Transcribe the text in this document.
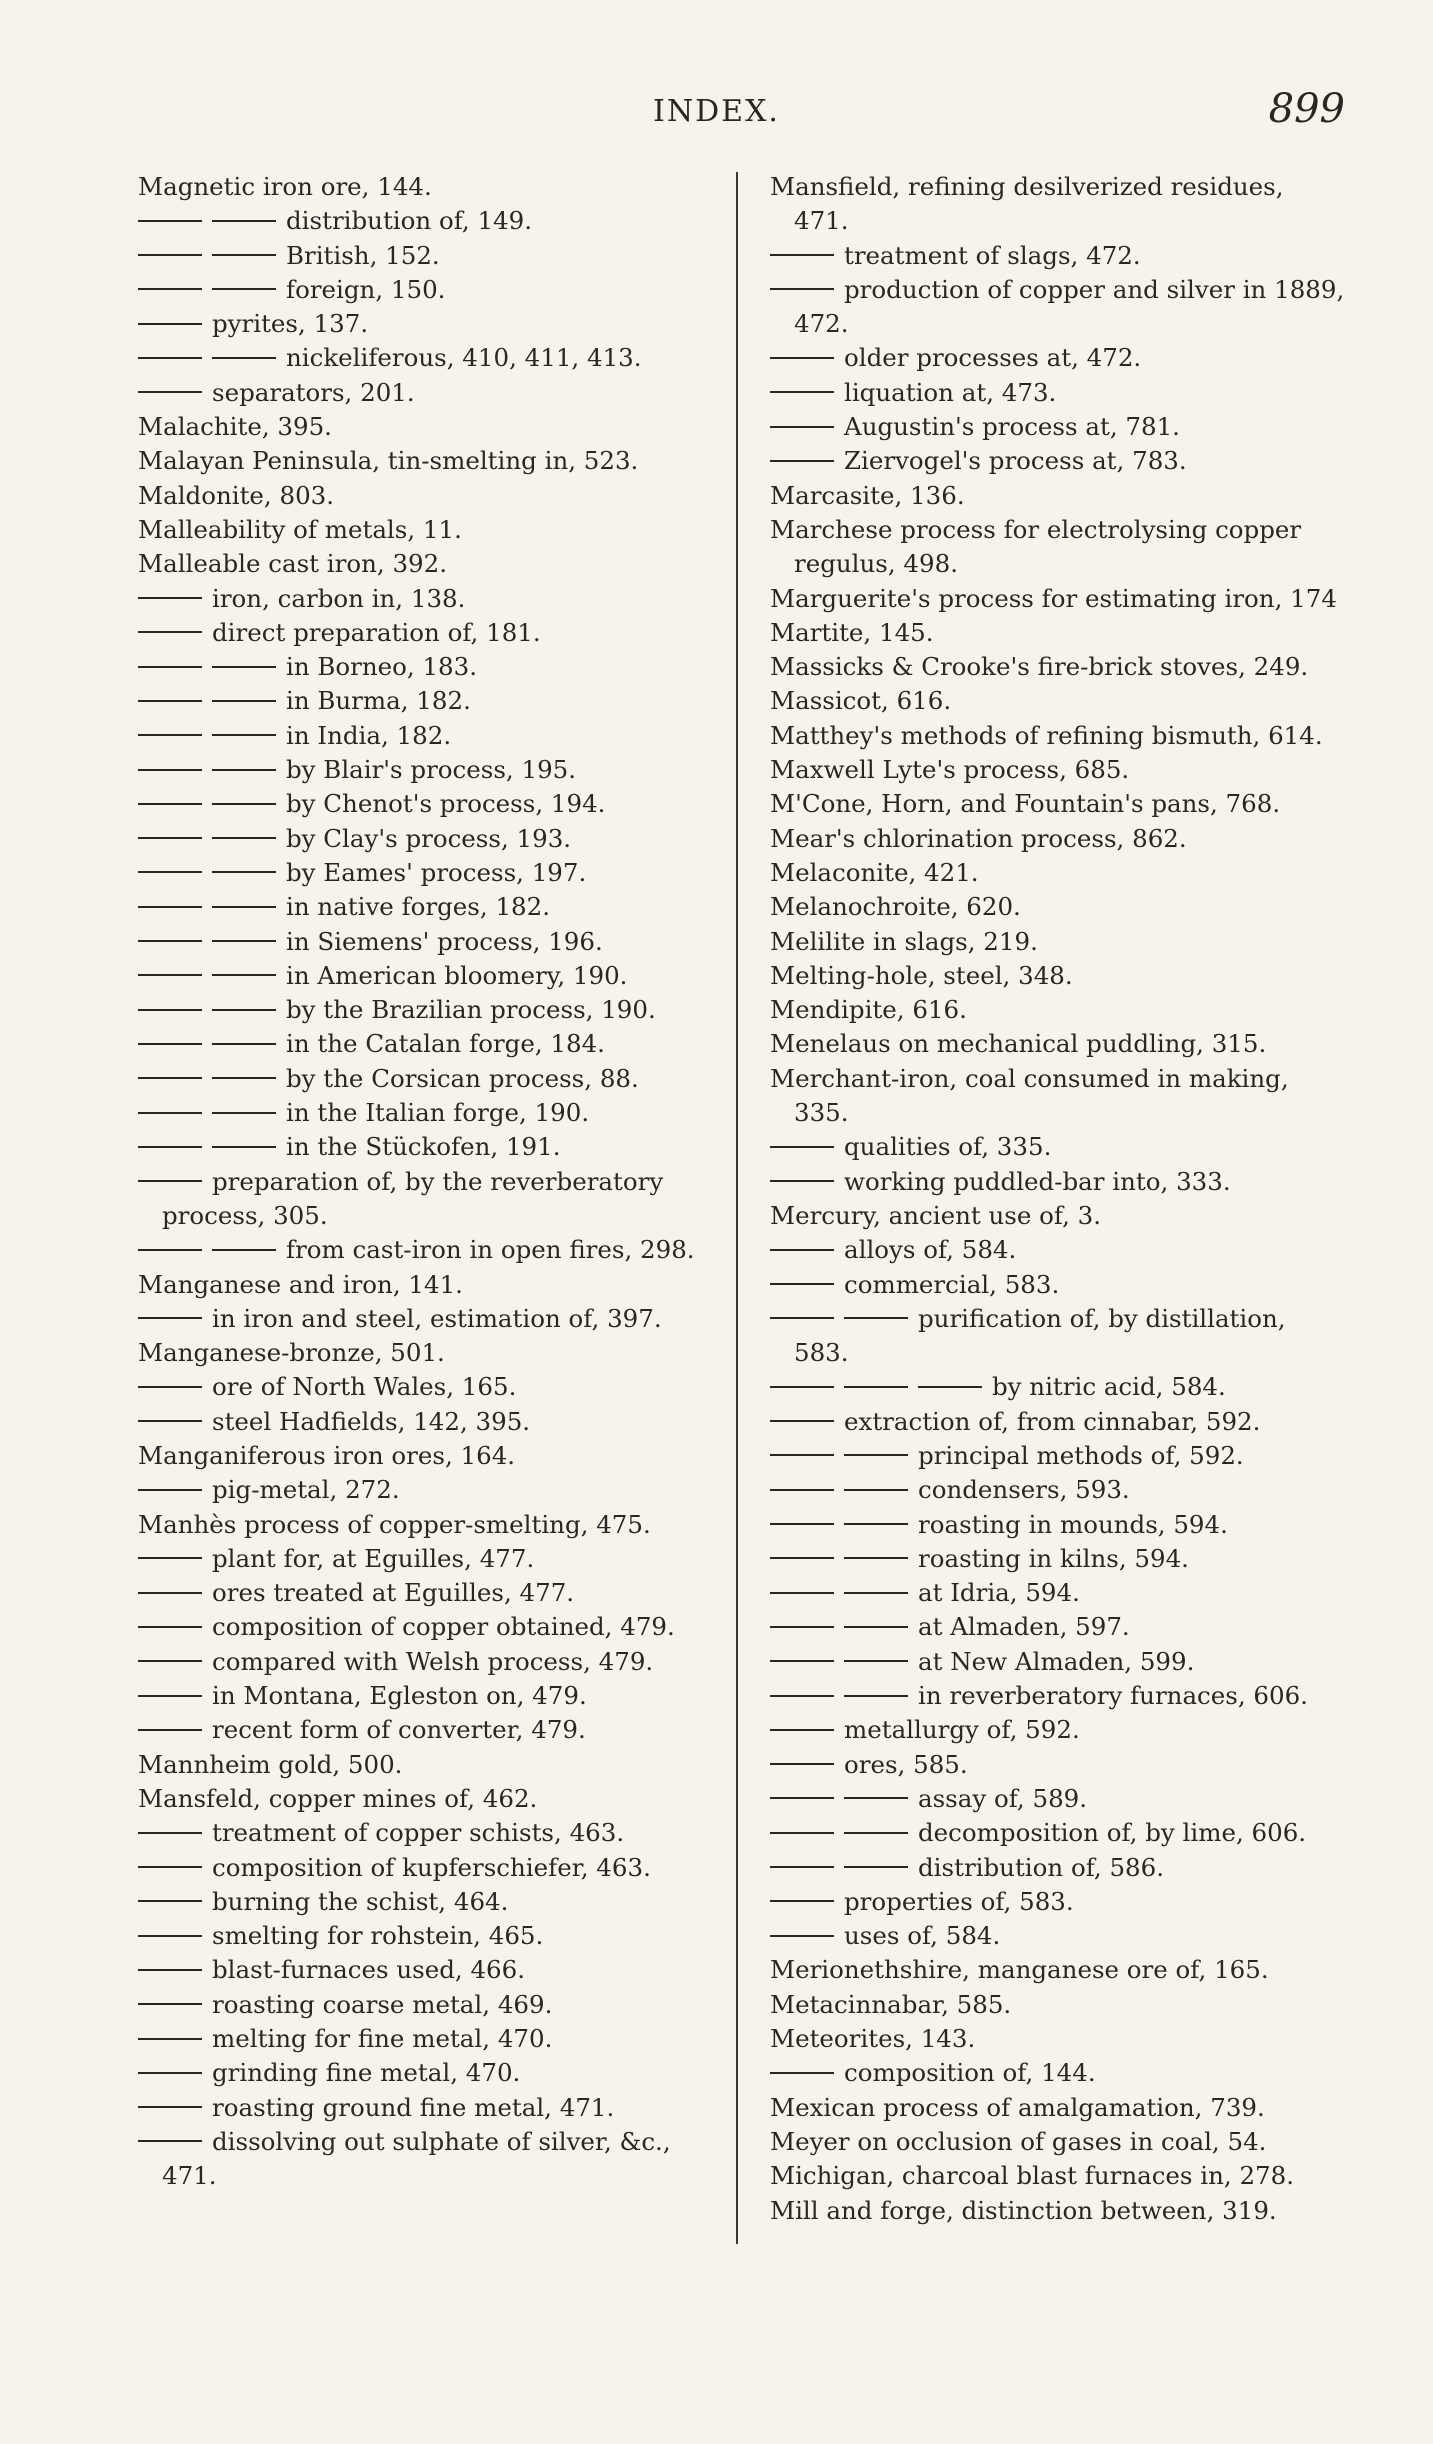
INDEX.	899
Magnetic iron ore, 144.
distribution of, 149.
British, 152.
foreign, 150.
pyrites, 137.
nickeliferous, 410, 411, 413.
separators, 201.
Malachite, 395.
Malayan Peninsula, tin-smelting in, 523.
Maldonite, 803.
Malleability of metals, 11.
Malleable cast iron, 392.
iron, carbon in, 138.
direct preparation of, 181.
in Borneo, 183.
in Burma, 182.
in India, 182.
by Blair's process, 195.
by Chenot's process, 194.
by Clay's process, 193.
by Eames' process, 197.
in native forges, 182.
in Siemens' process, 196.
in American bloomery, 190.
by the Brazilian process, 190.
in the Catalan forge, 184.
by the Corsican process, 88.
in the Italian forge, 190.
in the Stückofen, 191.
preparation of, by the reverberatory process, 305.
from cast-iron in open fires, 298.
Manganese and iron, 141.
in iron and steel, estimation of, 397.
Manganese-bronze, 501.
ore of North Wales, 165.
steel Hadfields, 142, 395.
Manganiferous iron ores, 164.
pig-metal, 272.
Manhès process of copper-smelting, 475.
plant for, at Eguilles, 477.
ores treated at Eguilles, 477.
composition of copper obtained, 479.
compared with Welsh process, 479.
in Montana, Egleston on, 479.
recent form of converter, 479.
Mannheim gold, 500.
Mansfeld, copper mines of, 462.
treatment of copper schists, 463.
composition of kupferschiefer, 463.
burning the schist, 464.
smelting for rohstein, 465.
blast-furnaces used, 466.
roasting coarse metal, 469.
melting for fine metal, 470.
grinding fine metal, 470.
roasting ground fine metal, 471.
dissolving out sulphate of silver, &c., 471.
Mansfield, refining desilverized residues, 471.
treatment of slags, 472.
production of copper and silver in 1889, 472.
older processes at, 472.
liquation at, 473.
Augustin's process at, 781.
Ziervogel's process at, 783.
Marcasite, 136.
Marchese process for electrolysing copper regulus, 498.
Marguerite's process for estimating iron, 174
Martite, 145.
Massicks & Crooke's fire-brick stoves, 249.
Massicot, 616.
Matthey's methods of refining bismuth, 614.
Maxwell Lyte's process, 685.
M'Cone, Horn, and Fountain's pans, 768.
Mear's chlorination process, 862.
Melaconite, 421.
Melanochroite, 620.
Melilite in slags, 219.
Melting-hole, steel, 348.
Mendipite, 616.
Menelaus on mechanical puddling, 315.
Merchant-iron, coal consumed in making, 335.
qualities of, 335.
working puddled-bar into, 333.
Mercury, ancient use of, 3.
alloys of, 584.
commercial, 583.
purification of, by distillation, 583.
by nitric acid, 584.
extraction of, from cinnabar, 592.
principal methods of, 592.
condensers, 593.
roasting in mounds, 594.
roasting in kilns, 594.
at Idria, 594.
at Almaden, 597.
at New Almaden, 599.
in reverberatory furnaces, 606.
metallurgy of, 592.
ores, 585.
assay of, 589.
decomposition of, by lime, 606.
distribution of, 586.
properties of, 583.
uses of, 584.
Merionethshire, manganese ore of, 165.
Metacinnabar, 585.
Meteorites, 143.
composition of, 144.
Mexican process of amalgamation, 739.
Meyer on occlusion of gases in coal, 54.
Michigan, charcoal blast furnaces in, 278.
Mill and forge, distinction between, 319.
